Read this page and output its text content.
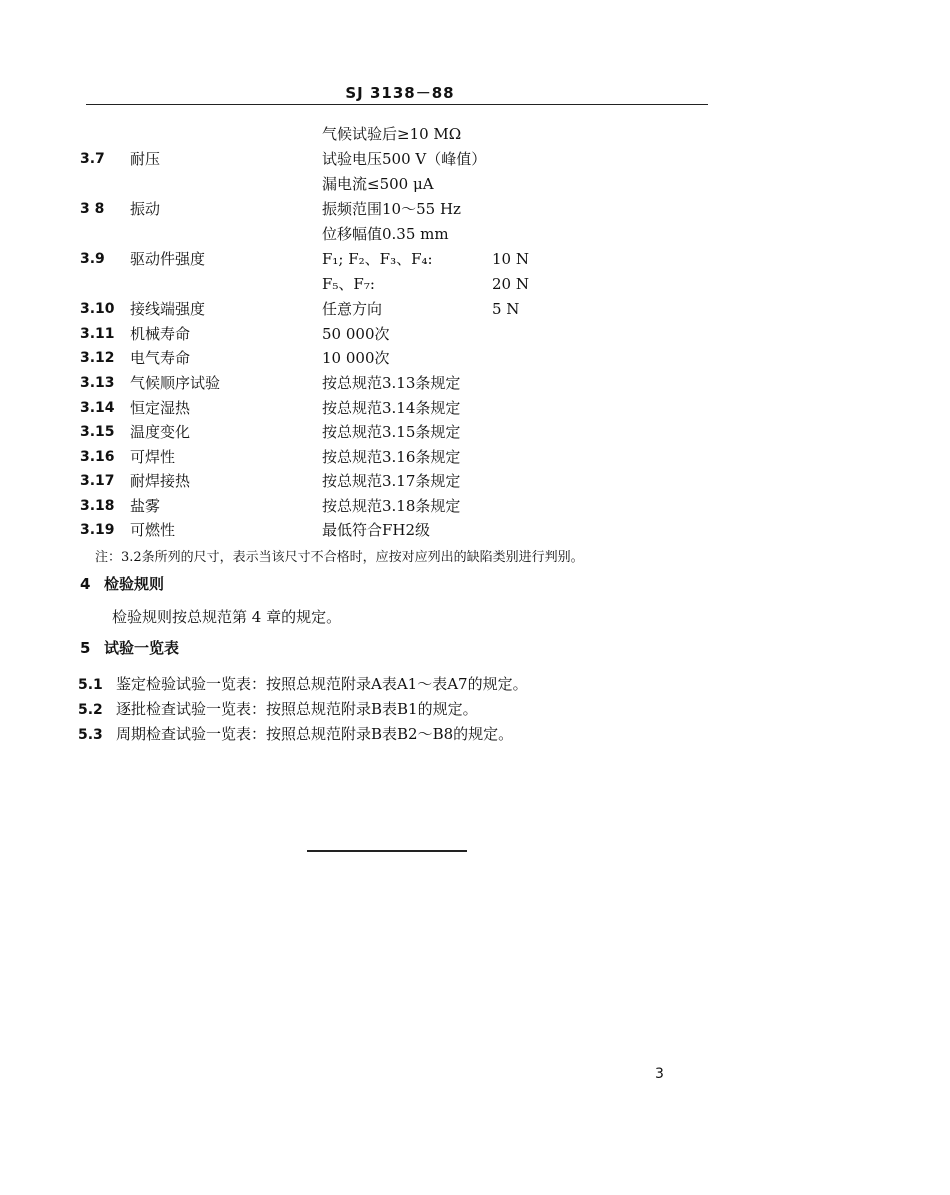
SJ 3138－88
气候试验后≥10 MΩ
3.7 耐压	试验电压500 V（峰值）
漏电流≤500 μA
3 8 振动	振频范围10～55 Hz
位移幅值0.35 mm
3.9 驱动件强度	F₁; F₂、F₃、F₄:	10 N
F₅、F₇:	20 N
3.10 接线端强度	任意方向	5 N
3.11 机械寿命	50 000次
3.12 电气寿命	10 000次
3.13 气候顺序试验	按总规范3.13条规定
3.14 恒定湿热	按总规范3.14条规定
3.15 温度变化	按总规范3.15条规定
3.16 可焊性	按总规范3.16条规定
3.17 耐焊接热	按总规范3.17条规定
3.18 盐雾	按总规范3.18条规定
3.19 可燃性	最低符合FH2级
注：3.2条所列的尺寸，表示当该尺寸不合格时，应按对应列出的缺陷类别进行判别。
4 检验规则
检验规则按总规范第 4 章的规定。
5 试验一览表
5.1 鉴定检验试验一览表：按照总规范附录A表A1～表A7的规定。
5.2 逐批检查试验一览表：按照总规范附录B表B1的规定。
5.3 周期检查试验一览表：按照总规范附录B表B2～B8的规定。
3
